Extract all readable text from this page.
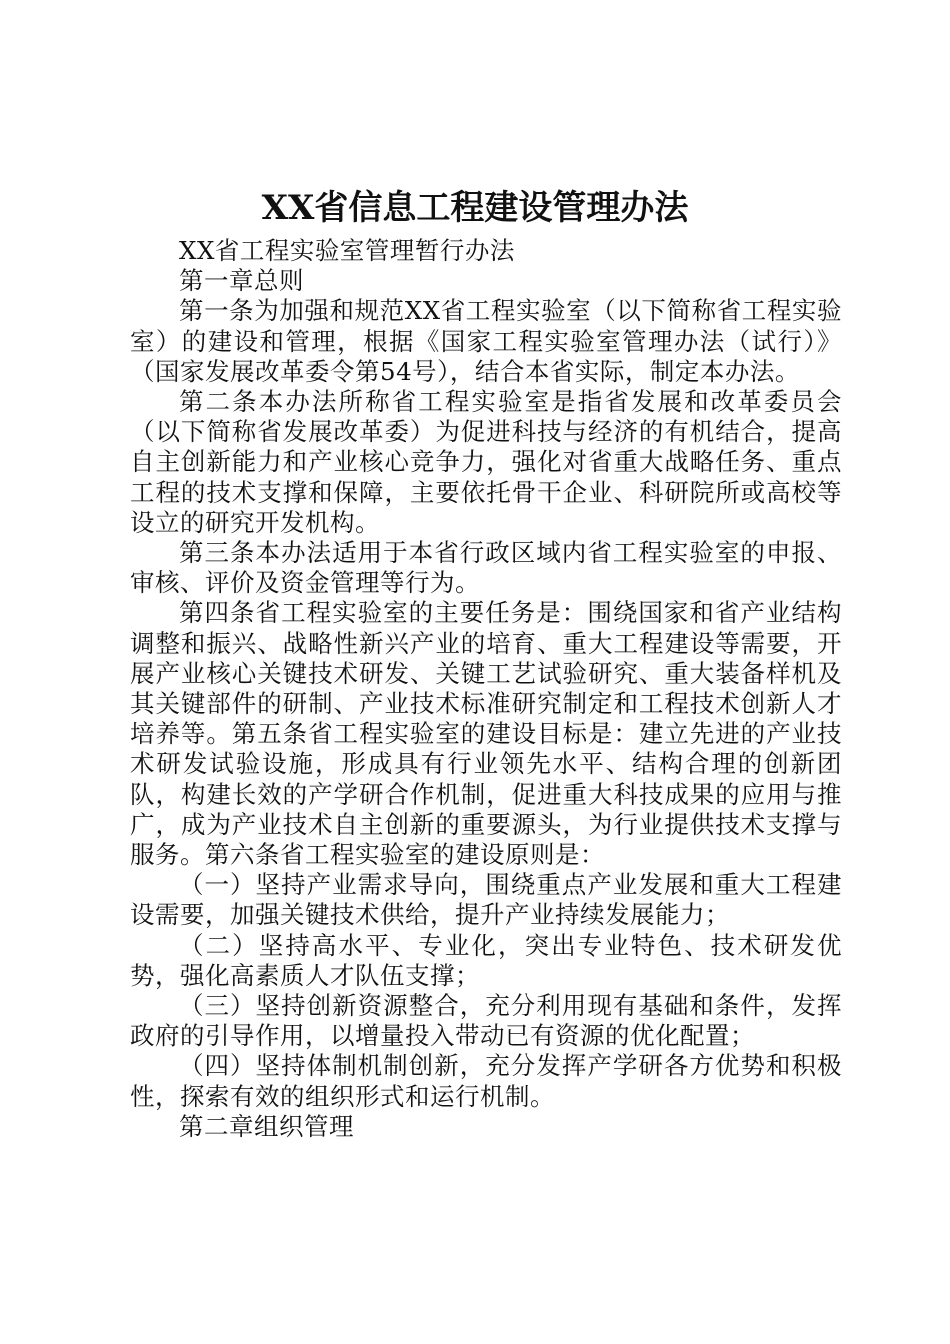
XX省信息工程建设管理办法

XX省工程实验室管理暂行办法

第一章总则

第一条为加强和规范XX省工程实验室（以下简称省工程实验室）的建设和管理，根据《国家工程实验室管理办法（试行）》（国家发展改革委令第54号），结合本省实际，制定本办法。

第二条本办法所称省工程实验室是指省发展和改革委员会（以下简称省发展改革委）为促进科技与经济的有机结合，提高自主创新能力和产业核心竞争力，强化对省重大战略任务、重点工程的技术支撑和保障，主要依托骨干企业、科研院所或高校等设立的研究开发机构。

第三条本办法适用于本省行政区域内省工程实验室的申报、审核、评价及资金管理等行为。

第四条省工程实验室的主要任务是：围绕国家和省产业结构调整和振兴、战略性新兴产业的培育、重大工程建设等需要，开展产业核心关键技术研发、关键工艺试验研究、重大装备样机及其关键部件的研制、产业技术标准研究制定和工程技术创新人才培养等。第五条省工程实验室的建设目标是：建立先进的产业技术研发试验设施，形成具有行业领先水平、结构合理的创新团队，构建长效的产学研合作机制，促进重大科技成果的应用与推广，成为产业技术自主创新的重要源头，为行业提供技术支撑与服务。第六条省工程实验室的建设原则是：

（一）坚持产业需求导向，围绕重点产业发展和重大工程建设需要，加强关键技术供给，提升产业持续发展能力；

（二）坚持高水平、专业化，突出专业特色、技术研发优势，强化高素质人才队伍支撑；

（三）坚持创新资源整合，充分利用现有基础和条件，发挥政府的引导作用，以增量投入带动已有资源的优化配置；

（四）坚持体制机制创新，充分发挥产学研各方优势和积极性，探索有效的组织形式和运行机制。

第二章组织管理
